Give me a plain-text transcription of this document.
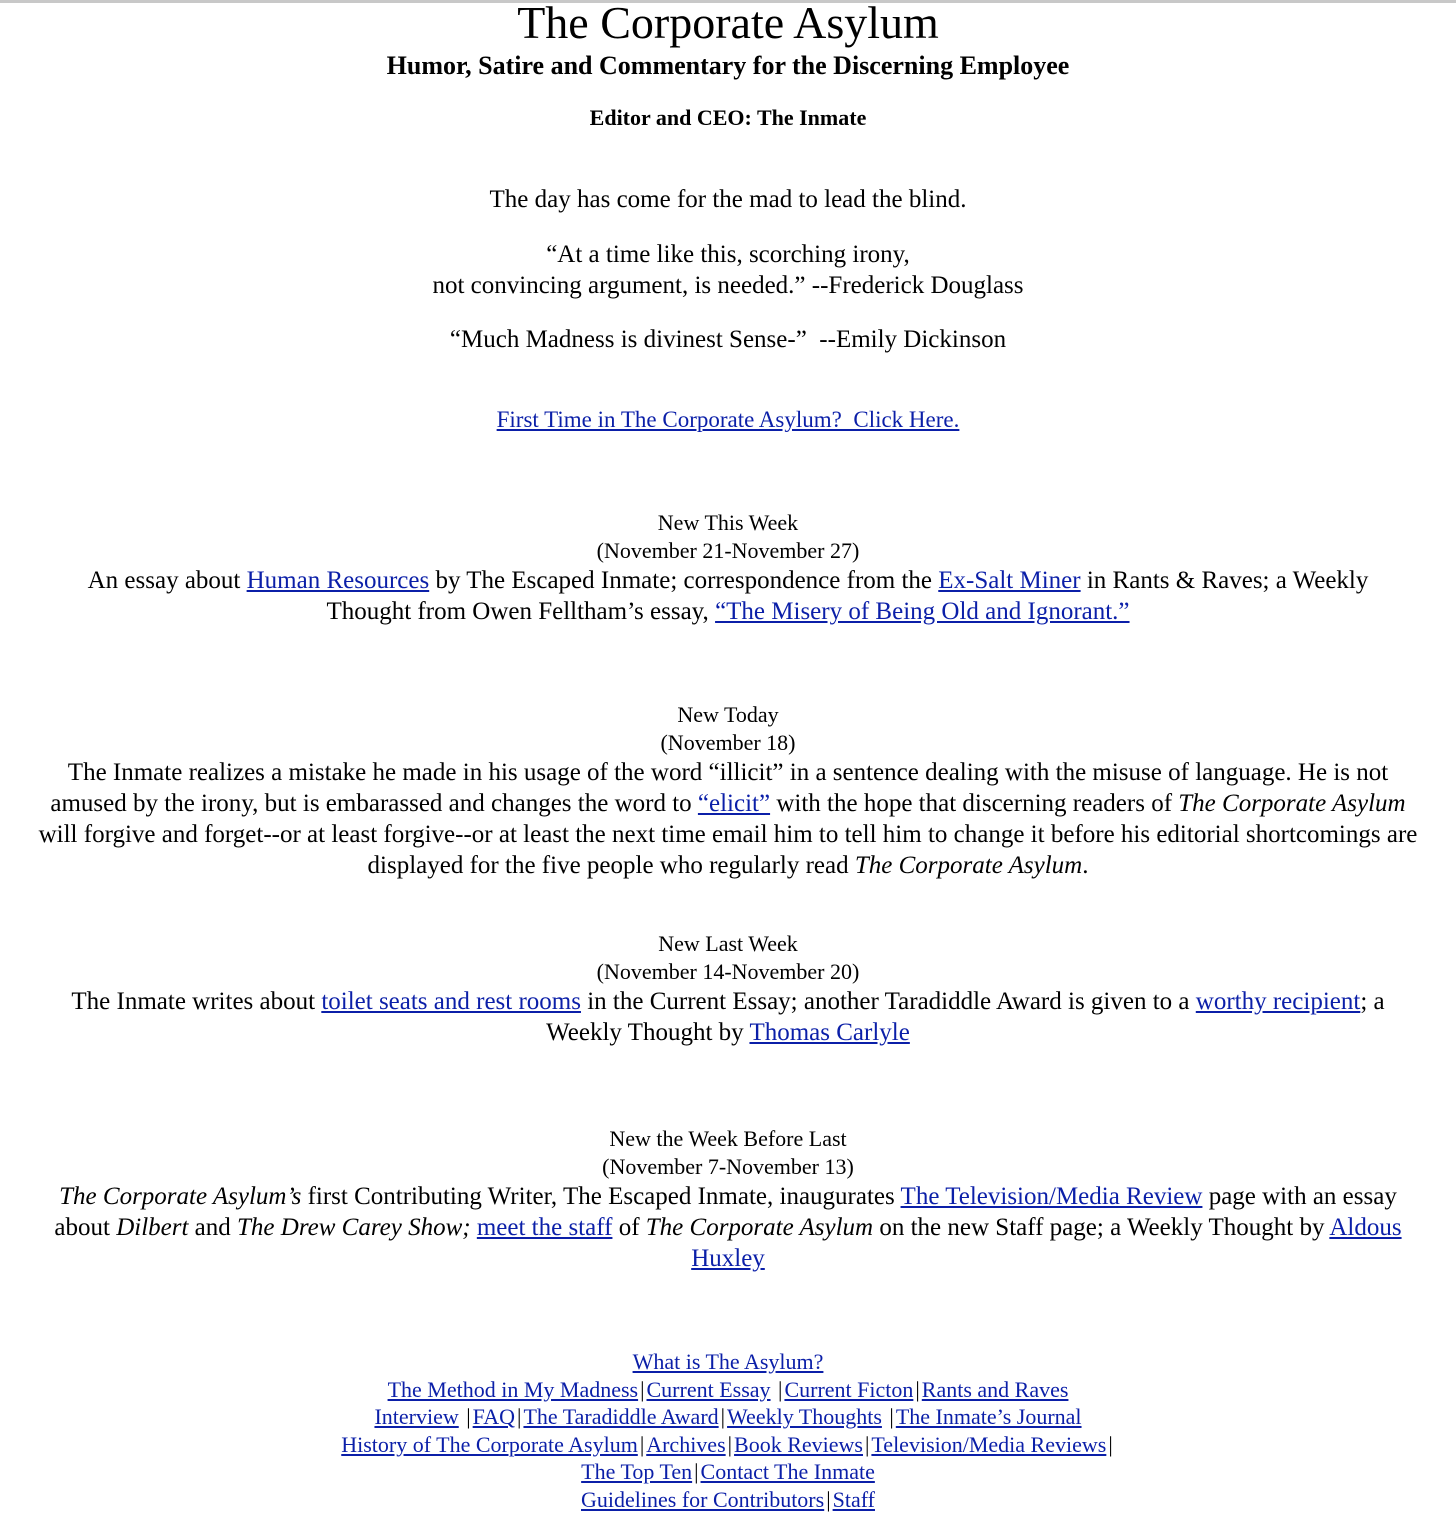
The Corporate Asylum
Humor, Satire and Commentary for the Discerning Employee
Editor and CEO: The Inmate
The day has come for the mad to lead the blind.
“At a time like this, scorching irony,
not convincing argument, is needed.” --Frederick Douglass
“Much Madness is divinest Sense-”  --Emily Dickinson
First Time in The Corporate Asylum?  Click Here.
New This Week
(November 21-November 27)
An essay about Human Resources by The Escaped Inmate; correspondence from the Ex-Salt Miner in Rants & Raves; a Weekly Thought from Owen Felltham’s essay, “The Misery of Being Old and Ignorant.”
New Today
(November 18)
The Inmate realizes a mistake he made in his usage of the word “illicit” in a sentence dealing with the misuse of language. He is not amused by the irony, but is embarassed and changes the word to “elicit” with the hope that discerning readers of The Corporate Asylum will forgive and forget--or at least forgive--or at least the next time email him to tell him to change it before his editorial shortcomings are displayed for the five people who regularly read The Corporate Asylum.
New Last Week
(November 14-November 20)
The Inmate writes about toilet seats and rest rooms in the Current Essay; another Taradiddle Award is given to a worthy recipient; a Weekly Thought by Thomas Carlyle
New the Week Before Last
(November 7-November 13)
The Corporate Asylum’s first Contributing Writer, The Escaped Inmate, inaugurates The Television/Media Review page with an essay about Dilbert and The Drew Carey Show; meet the staff of The Corporate Asylum on the new Staff page; a Weekly Thought by Aldous Huxley
What is The Asylum?
The Method in My Madness|Current Essay |Current Ficton|Rants and Raves
Interview |FAQ|The Taradiddle Award|Weekly Thoughts |The Inmate’s Journal
History of The Corporate Asylum|Archives|Book Reviews|Television/Media Reviews|
The Top Ten|Contact The Inmate
Guidelines for Contributors|Staff
